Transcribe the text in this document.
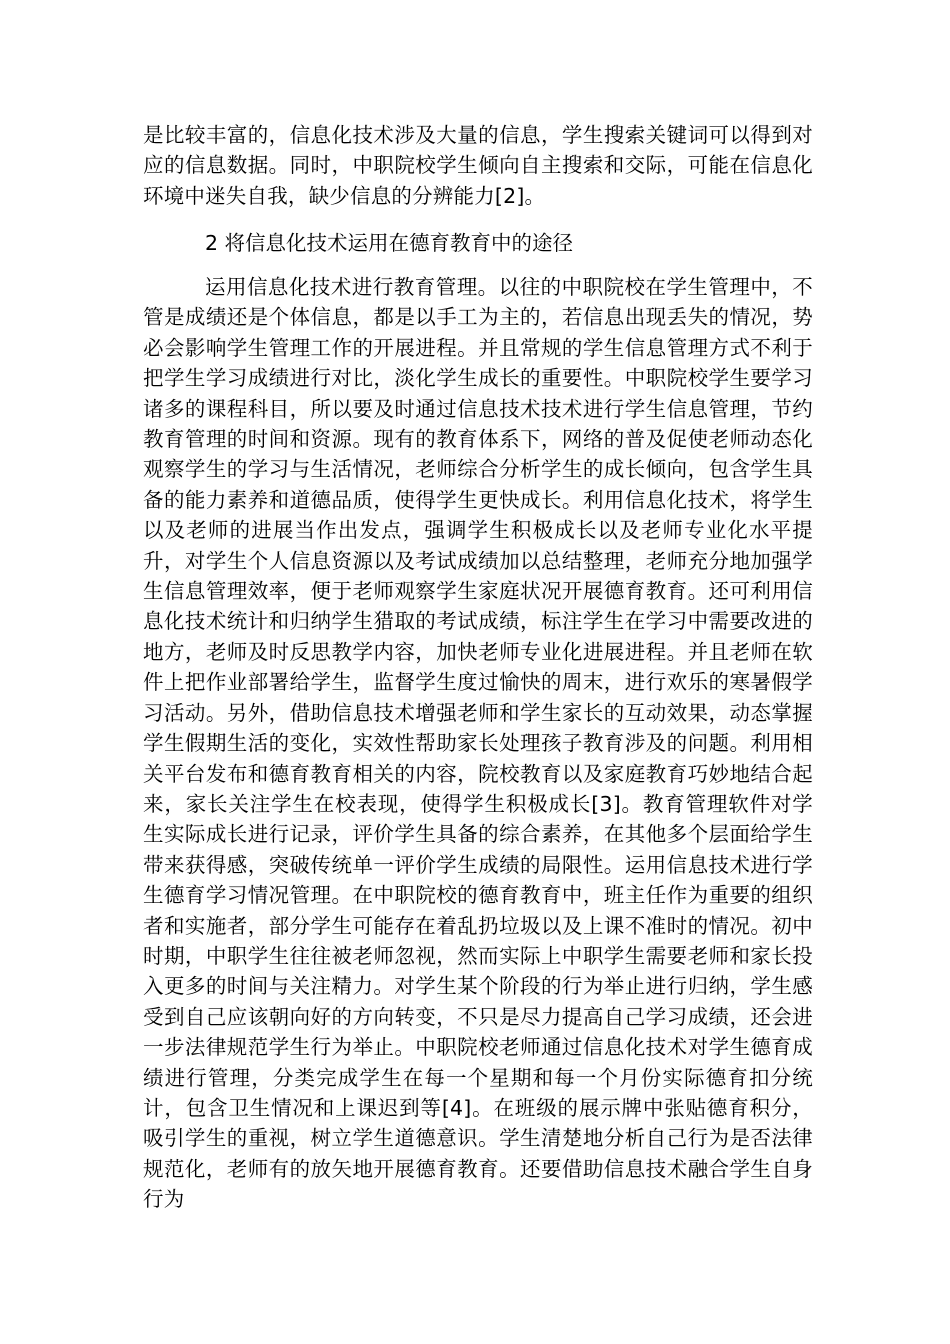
是比较丰富的，信息化技术涉及大量的信息，学生搜索关键词可以得到对应的信息数据。同时，中职院校学生倾向自主搜索和交际，可能在信息化环境中迷失自我，缺少信息的分辨能力[2]。

2 将信息化技术运用在德育教育中的途径

运用信息化技术进行教育管理。以往的中职院校在学生管理中，不管是成绩还是个体信息，都是以手工为主的，若信息出现丢失的情况，势必会影响学生管理工作的开展进程。并且常规的学生信息管理方式不利于把学生学习成绩进行对比，淡化学生成长的重要性。中职院校学生要学习诸多的课程科目，所以要及时通过信息技术技术进行学生信息管理，节约教育管理的时间和资源。现有的教育体系下，网络的普及促使老师动态化观察学生的学习与生活情况，老师综合分析学生的成长倾向，包含学生具备的能力素养和道德品质，使得学生更快成长。利用信息化技术，将学生以及老师的进展当作出发点，强调学生积极成长以及老师专业化水平提升，对学生个人信息资源以及考试成绩加以总结整理，老师充分地加强学生信息管理效率，便于老师观察学生家庭状况开展德育教育。还可利用信息化技术统计和归纳学生猎取的考试成绩，标注学生在学习中需要改进的地方，老师及时反思教学内容，加快老师专业化进展进程。并且老师在软件上把作业部署给学生，监督学生度过愉快的周末，进行欢乐的寒暑假学习活动。另外，借助信息技术增强老师和学生家长的互动效果，动态掌握学生假期生活的变化，实效性帮助家长处理孩子教育涉及的问题。利用相关平台发布和德育教育相关的内容，院校教育以及家庭教育巧妙地结合起来，家长关注学生在校表现，使得学生积极成长[3]。教育管理软件对学生实际成长进行记录，评价学生具备的综合素养，在其他多个层面给学生带来获得感，突破传统单一评价学生成绩的局限性。运用信息技术进行学生德育学习情况管理。在中职院校的德育教育中，班主任作为重要的组织者和实施者，部分学生可能存在着乱扔垃圾以及上课不准时的情况。初中时期，中职学生往往被老师忽视，然而实际上中职学生需要老师和家长投入更多的时间与关注精力。对学生某个阶段的行为举止进行归纳，学生感受到自己应该朝向好的方向转变，不只是尽力提高自己学习成绩，还会进一步法律规范学生行为举止。中职院校老师通过信息化技术对学生德育成绩进行管理，分类完成学生在每一个星期和每一个月份实际德育扣分统计，包含卫生情况和上课迟到等[4]。在班级的展示牌中张贴德育积分，吸引学生的重视，树立学生道德意识。学生清楚地分析自己行为是否法律规范化，老师有的放矢地开展德育教育。还要借助信息技术融合学生自身行为
